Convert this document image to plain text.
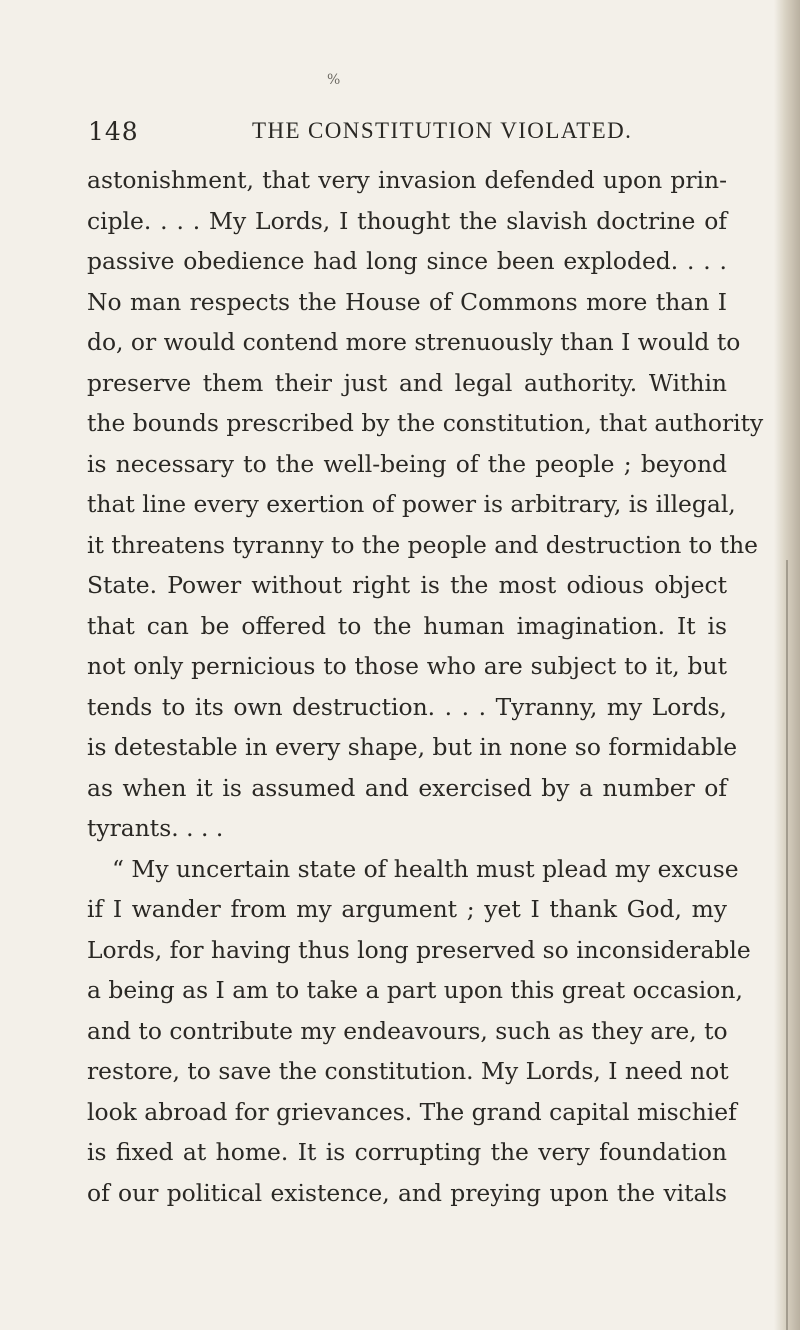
%
148	THE CONSTITUTION VIOLATED.
astonishment, that very invasion defended upon prin-
ciple. . . . My Lords, I thought the slavish doctrine of
passive obedience had long since been exploded. . . .
No man respects the House of Commons more than I
do, or would contend more strenuously than I would to
preserve them their just and legal authority. Within
the bounds prescribed by the constitution, that authority
is necessary to the well-being of the people ; beyond
that line every exertion of power is arbitrary, is illegal,
it threatens tyranny to the people and destruction to the
State. Power without right is the most odious object
that can be offered to the human imagination. It is
not only pernicious to those who are subject to it, but
tends to its own destruction. . . . Tyranny, my Lords,
is detestable in every shape, but in none so formidable
as when it is assumed and exercised by a number of
tyrants. . . .
“ My uncertain state of health must plead my excuse
if I wander from my argument ; yet I thank God, my
Lords, for having thus long preserved so inconsiderable
a being as I am to take a part upon this great occasion,
and to contribute my endeavours, such as they are, to
restore, to save the constitution. My Lords, I need not
look abroad for grievances. The grand capital mischief
is fixed at home. It is corrupting the very foundation
of our political existence, and preying upon the vitals
